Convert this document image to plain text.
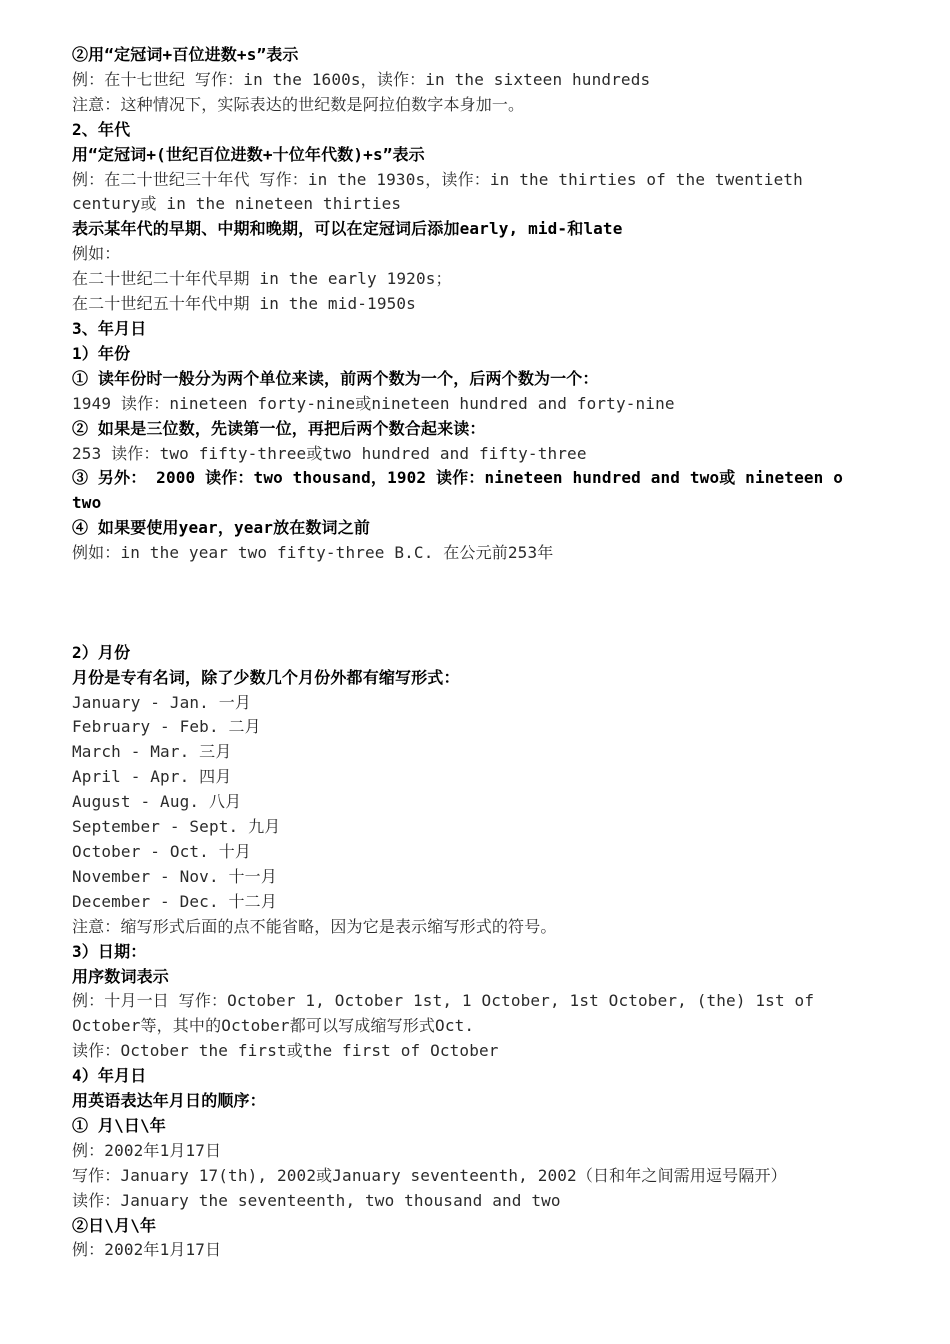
②用“定冠词+百位进数+s”表示
例：在十七世纪 写作：in the 1600s，读作：in the sixteen hundreds
注意：这种情况下，实际表达的世纪数是阿拉伯数字本身加一。
2、年代
用“定冠词+(世纪百位进数+十位年代数)+s”表示
例：在二十世纪三十年代 写作：in the 1930s，读作：in the thirties of the twentieth
century或 in the nineteen thirties
表示某年代的早期、中期和晚期，可以在定冠词后添加early, mid-和late
例如：
在二十世纪二十年代早期 in the early 1920s；
在二十世纪五十年代中期 in the mid-1950s
3、年月日
1）年份
① 读年份时一般分为两个单位来读，前两个数为一个，后两个数为一个：
1949 读作：nineteen forty-nine或nineteen hundred and forty-nine
② 如果是三位数，先读第一位，再把后两个数合起来读：
253 读作：two fifty-three或two hundred and fifty-three
③ 另外： 2000 读作：two thousand，1902 读作：nineteen hundred and two或 nineteen o
two
④ 如果要使用year，year放在数词之前
例如：in the year two fifty-three B.C. 在公元前253年
2）月份
月份是专有名词，除了少数几个月份外都有缩写形式：
January - Jan. 一月
February - Feb. 二月
March - Mar. 三月
April - Apr. 四月
August - Aug. 八月
September - Sept. 九月
October - Oct. 十月
November - Nov. 十一月
December - Dec. 十二月
注意：缩写形式后面的点不能省略，因为它是表示缩写形式的符号。
3）日期：
用序数词表示
例：十月一日 写作：October 1, October 1st, 1 October, 1st October, (the) 1st of
October等，其中的October都可以写成缩写形式Oct.
读作：October the first或the first of October
4）年月日
用英语表达年月日的顺序：
① 月\日\年
例：2002年1月17日
写作：January 17(th), 2002或January seventeenth, 2002（日和年之间需用逗号隔开）
读作：January the seventeenth, two thousand and two
②日\月\年
例：2002年1月17日
